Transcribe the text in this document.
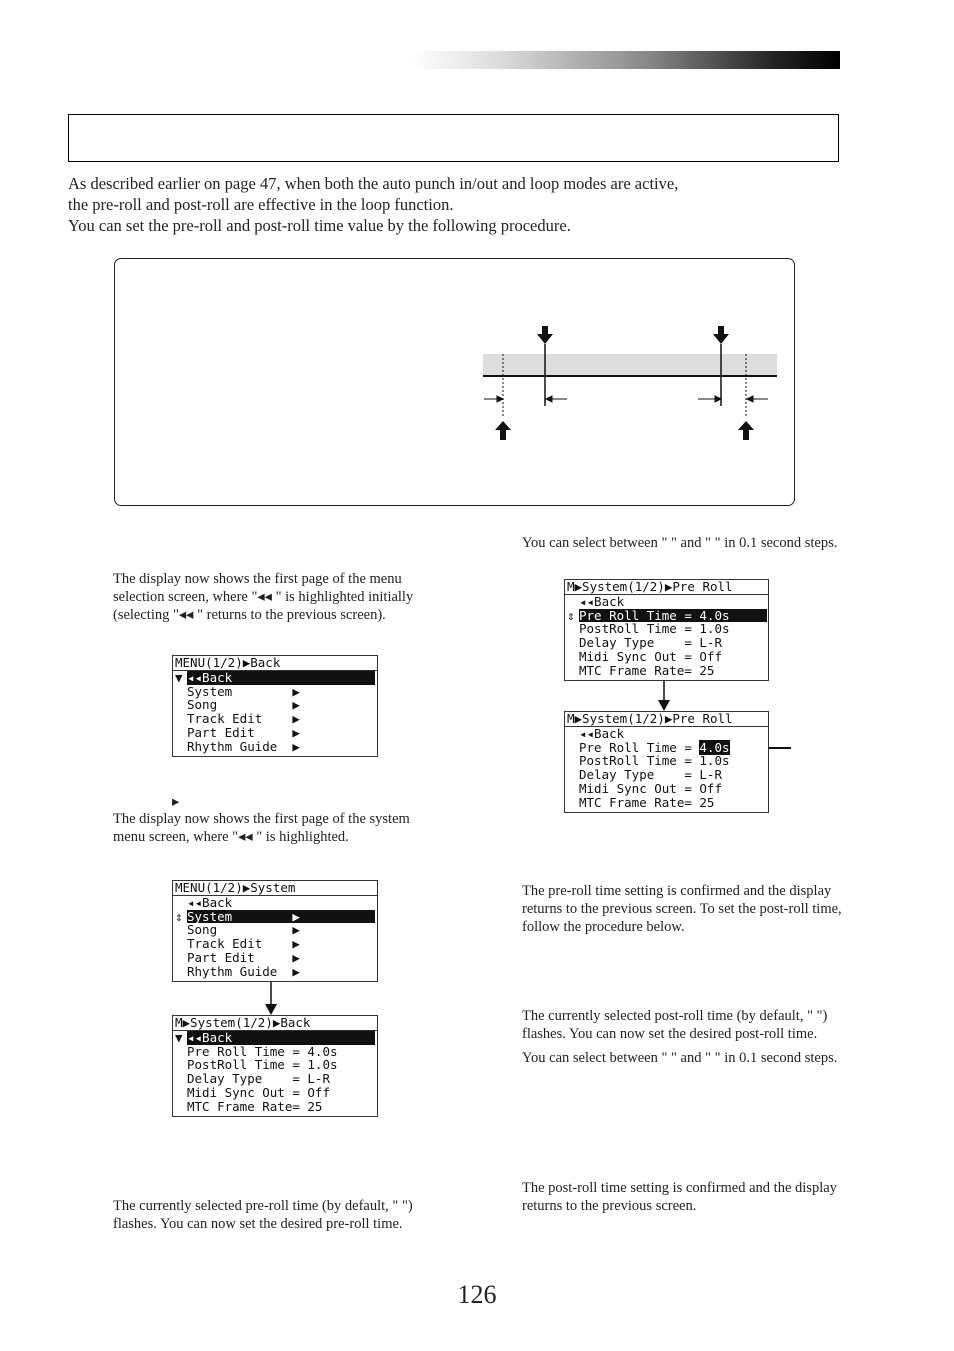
As described earlier on page 47, when both the auto punch in/out and loop modes are active,

the pre-roll and post-roll are effective in the loop function.

You can set the pre-roll and post-roll time value by the following procedure.

The display now shows the first page of the menu selection screen, where "◂◂ " is highlighted initially (selecting "◂◂ " returns to the previous screen).

MENU(1/2)▶Back
▼ ◂◂Back
System        ▶
Song          ▶
Track Edit    ▶
Part Edit     ▶
Rhythm Guide  ▶
▸

The display now shows the first page of the system menu screen, where "◂◂ " is highlighted.

MENU(1/2)▶System
◂◂Back
⇕ System        ▶
Song          ▶
Track Edit    ▶
Part Edit     ▶
Rhythm Guide  ▶
M▶System(1/2)▶Back
▼ ◂◂Back
Pre Roll Time = 4.0s
PostRoll Time = 1.0s
Delay Type    = L-R
Midi Sync Out = Off
MTC Frame Rate= 25

The currently selected pre-roll time (by default, " ") flashes. You can now set the desired pre-roll time.

You can select between " " and " " in 0.1 second steps.

M▶System(1/2)▶Pre Roll
◂◂Back
⇕ Pre Roll Time = 4.0s
PostRoll Time = 1.0s
Delay Type    = L-R
Midi Sync Out = Off
MTC Frame Rate= 25
M▶System(1/2)▶Pre Roll
◂◂Back
Pre Roll Time = 4.0s
PostRoll Time = 1.0s
Delay Type    = L-R
Midi Sync Out = Off
MTC Frame Rate= 25

The pre-roll time setting is confirmed and the display returns to the previous screen. To set the post-roll time, follow the procedure below.

The currently selected post-roll time (by default, " ") flashes. You can now set the desired post-roll time.

You can select between " " and " " in 0.1 second steps.

The post-roll time setting is confirmed and the display returns to the previous screen.

126
